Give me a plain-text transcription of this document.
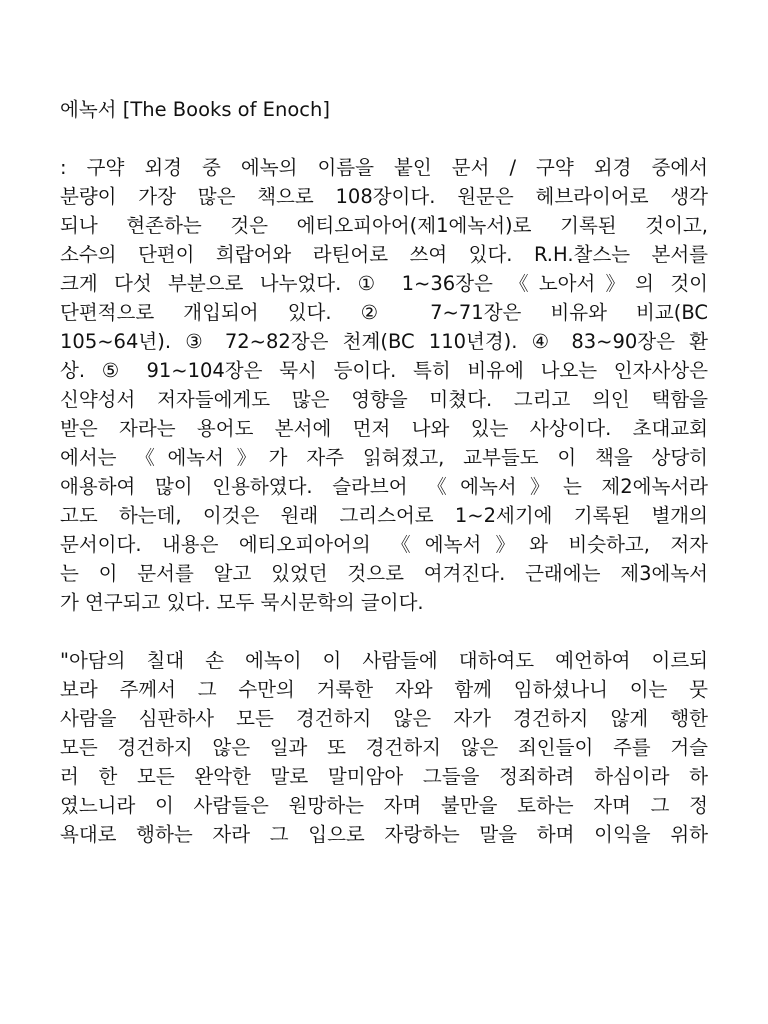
에녹서 [The Books of Enoch]
: 구약 외경 중 에녹의 이름을 붙인 문서 / 구약 외경 중에서
분량이 가장 많은 책으로 108장이다. 원문은 헤브라이어로 생각
되나 현존하는 것은 에티오피아어(제1에녹서)로 기록된 것이고,
소수의 단편이 희랍어와 라틴어로 쓰여 있다. R.H.찰스는 본서를
크게 다섯 부분으로 나누었다. ① 1~36장은 《노아서》의 것이
단편적으로 개입되어 있다. ② 7~71장은 비유와 비교(BC
105~64년). ③ 72~82장은 천계(BC 110년경). ④ 83~90장은 환
상. ⑤ 91~104장은 묵시 등이다. 특히 비유에 나오는 인자사상은
신약성서 저자들에게도 많은 영향을 미쳤다. 그리고 의인 택함을
받은 자라는 용어도 본서에 먼저 나와 있는 사상이다. 초대교회
에서는 《에녹서》가 자주 읽혀졌고, 교부들도 이 책을 상당히
애용하여 많이 인용하였다. 슬라브어 《에녹서》는 제2에녹서라
고도 하는데, 이것은 원래 그리스어로 1~2세기에 기록된 별개의
문서이다. 내용은 에티오피아어의 《에녹서》와 비슷하고, 저자
는 이 문서를 알고 있었던 것으로 여겨진다. 근래에는 제3에녹서
가 연구되고 있다. 모두 묵시문학의 글이다.
"아담의 칠대 손 에녹이 이 사람들에 대하여도 예언하여 이르되
보라 주께서 그 수만의 거룩한 자와 함께 임하셨나니 이는 뭇
사람을 심판하사 모든 경건하지 않은 자가 경건하지 않게 행한
모든 경건하지 않은 일과 또 경건하지 않은 죄인들이 주를 거슬
러 한 모든 완악한 말로 말미암아 그들을 정죄하려 하심이라 하
였느니라 이 사람들은 원망하는 자며 불만을 토하는 자며 그 정
욕대로 행하는 자라 그 입으로 자랑하는 말을 하며 이익을 위하
